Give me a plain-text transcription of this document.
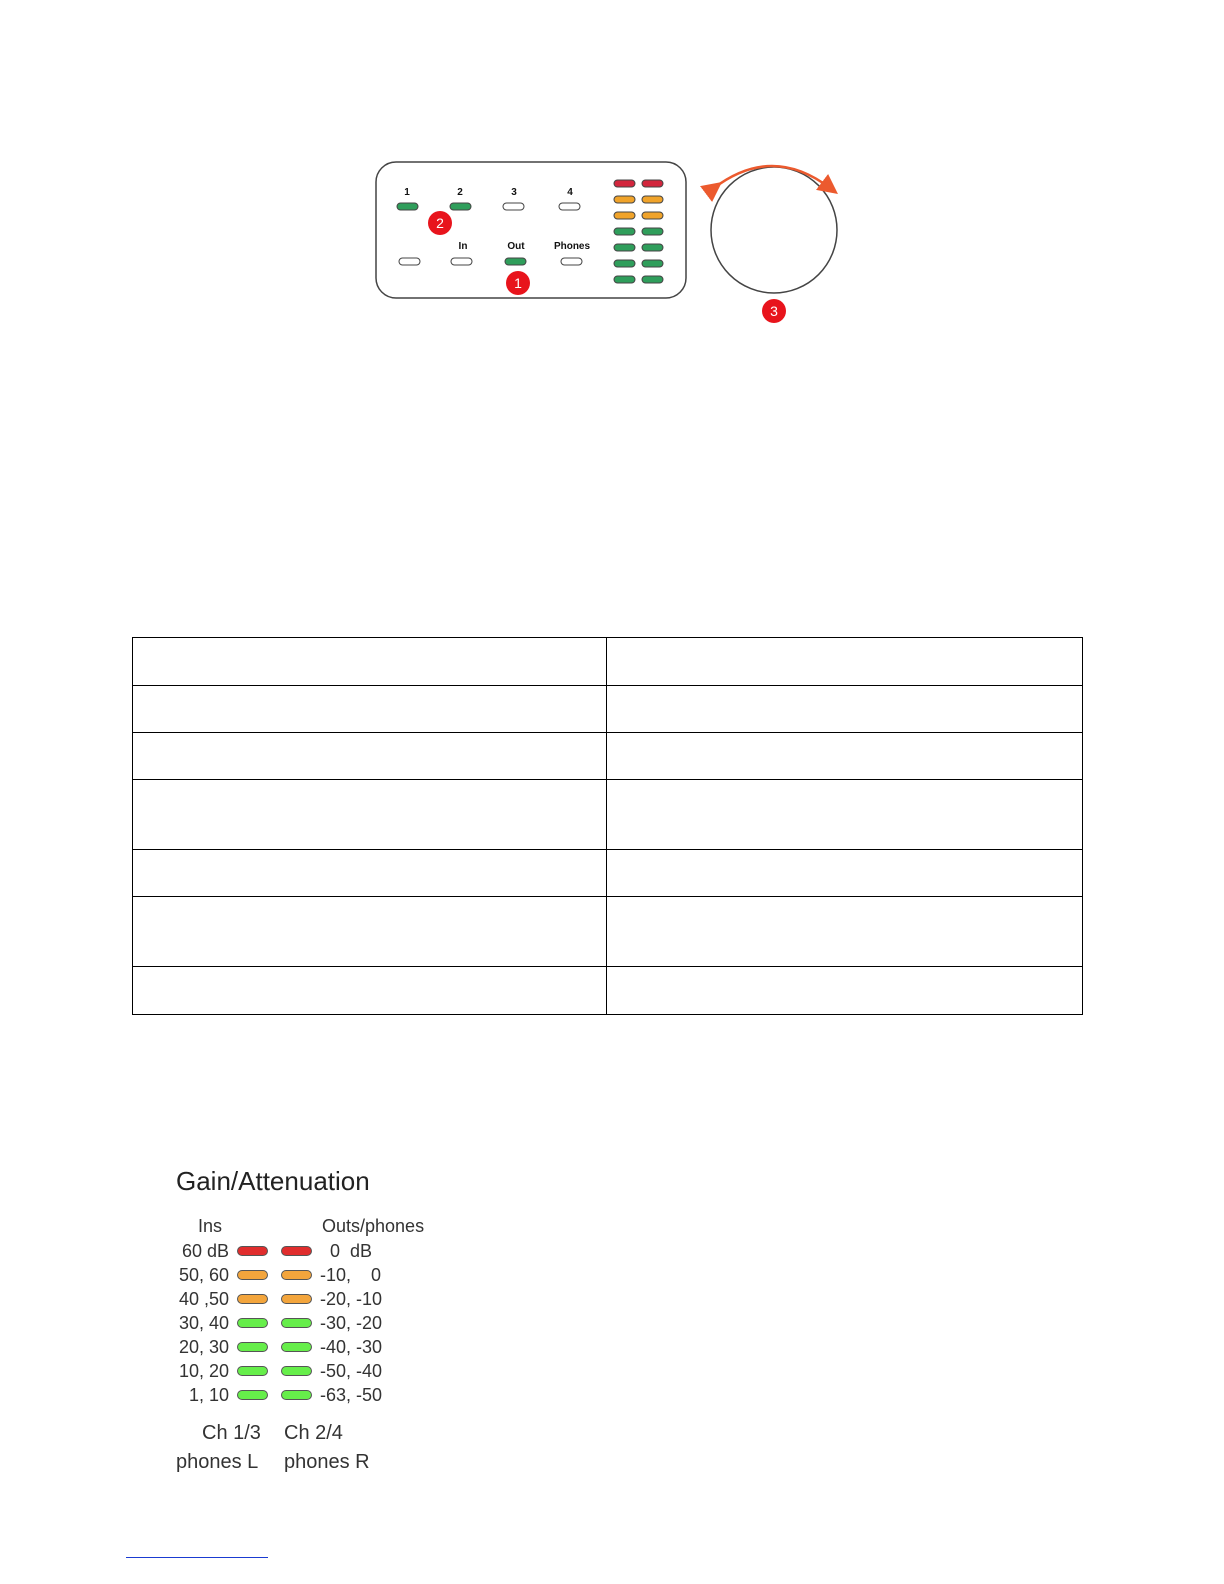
1	2	3	4
In	Out	Phones
1
2
3

Gain/Attenuation
Ins	Outs/phones
60 dB	0  dB
50, 60	-10,    0
40 ,50	-20, -10
30, 40	-30, -20
20, 30	-40, -30
10, 20	-50, -40
1, 10	-63, -50
Ch 1/3
phones L
Ch 2/4
phones R
